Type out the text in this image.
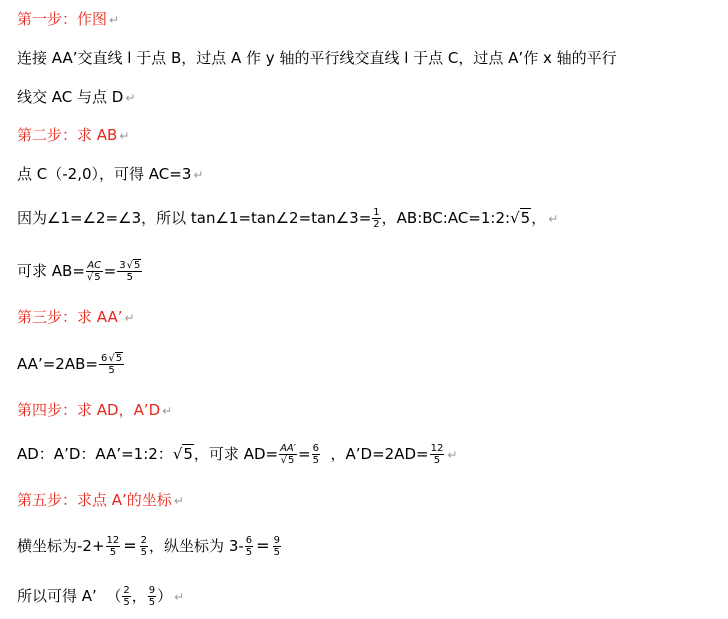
第一步：作图 ↵
连接 AA’交直线 l 于点 B，过点 A 作 y 轴的平行线交直线 l 于点 C，过点 A’作 x 轴的平行
线交 AC 与点 D ↵
第二步：求 AB ↵
点 C（-2,0），可得 AC=3 ↵
因为∠1=∠2=∠3，所以 tan∠1=tan∠2=tan∠3= $\frac{1}{2}$ ，AB:BC:AC=1:2:√5， ↵
可求 $AB= \frac{AC}{√5} = \frac{3√5}{5}$
第三步：求 AA’ ↵
AA’=2AB= $\frac{6√5}{5}$
第四步：求 AD，A’D ↵
AD：A’D：AA’=1:2：√5，可求 $AD= \frac{AA'}{√5} = \frac{6}{5}$ ，A’D=2AD= $\frac{12}{5}$ ↵
第五步：求点 A’的坐标 ↵
横坐标为$-2+ \frac{12}{5} = \frac{2}{5}$ ，纵坐标为 $3- \frac{6}{5} = \frac{9}{5}$
所以可得 A’ （ $\frac{2}{5}$ ， $\frac{9}{5}$ ） ↵
